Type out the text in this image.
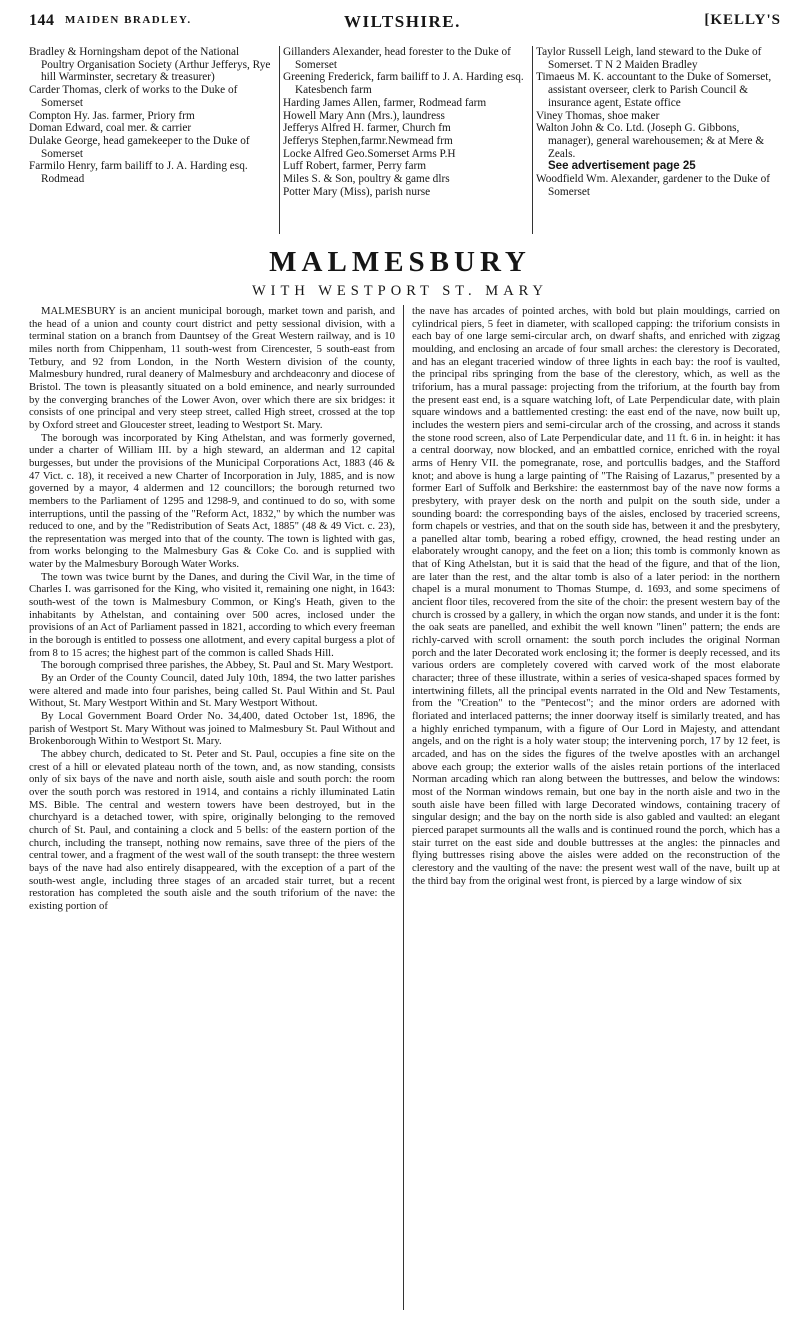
144 MAIDEN BRADLEY.	WILTSHIRE.	[KELLY'S
Bradley & Horningsham depot of the National Poultry Organisation Society (Arthur Jefferys, Rye hill Warminster, secretary & treasurer)
Carder Thomas, clerk of works to the Duke of Somerset
Compton Hy. Jas. farmer, Priory frm
Doman Edward, coal mer. & carrier
Dulake George, head gamekeeper to the Duke of Somerset
Farmilo Henry, farm bailiff to J. A. Harding esq. Rodmead
Gillanders Alexander, head forester to the Duke of Somerset
Greening Frederick, farm bailiff to J. A. Harding esq. Katesbench farm
Harding James Allen, farmer, Rodmead farm
Howell Mary Ann (Mrs.), laundress
Jefferys Alfred H. farmer, Church fm
Jefferys Stephen,farmr.Newmead frm
Locke Alfred Geo.Somerset Arms P.H
Luff Robert, farmer, Perry farm
Miles S. & Son, poultry & game dlrs
Potter Mary (Miss), parish nurse
Taylor Russell Leigh, land steward to the Duke of Somerset. T N 2 Maiden Bradley
Timaeus M. K. accountant to the Duke of Somerset, assistant overseer, clerk to Parish Council & insurance agent, Estate office
Viney Thomas, shoe maker
Walton John & Co. Ltd. (Joseph G. Gibbons, manager), general warehousemen; & at Mere & Zeals.
See advertisement page 25
Woodfield Wm. Alexander, gardener to the Duke of Somerset
MALMESBURY
WITH WESTPORT ST. MARY

MALMESBURY is an ancient municipal borough, market town and parish, and the head of a union and county court district and petty sessional division, with a terminal station on a branch from Dauntsey of the Great Western railway, and is 10 miles north from Chippenham, 11 south-west from Cirencester, 5 south-east from Tetbury, and 92 from London, in the North Western division of the county, Malmesbury hundred, rural deanery of Malmesbury and archdeaconry and diocese of Bristol. The town is pleasantly situated on a bold eminence, and nearly surrounded by the converging branches of the Lower Avon, over which there are six bridges: it consists of one principal and very steep street, called High street, crossed at the top by Oxford street and Gloucester street, leading to Westport St. Mary.

The borough was incorporated by King Athelstan, and was formerly governed, under a charter of William III. by a high steward, an alderman and 12 capital burgesses, but under the provisions of the Municipal Corporations Act, 1883 (46 & 47 Vict. c. 18), it received a new Charter of Incorporation in July, 1885, and is now governed by a mayor, 4 aldermen and 12 councillors; the borough returned two members to the Parliament of 1295 and 1298-9, and continued to do so, with some interruptions, until the passing of the "Reform Act, 1832," by which the number was reduced to one, and by the "Redistribution of Seats Act, 1885" (48 & 49 Vict. c. 23), the representation was merged into that of the county. The town is lighted with gas, from works belonging to the Malmesbury Gas & Coke Co. and is supplied with water by the Malmesbury Borough Water Works.

The town was twice burnt by the Danes, and during the Civil War, in the time of Charles I. was garrisoned for the King, who visited it, remaining one night, in 1643: south-west of the town is Malmesbury Common, or King's Heath, given to the inhabitants by Athelstan, and containing over 500 acres, inclosed under the provisions of an Act of Parliament passed in 1821, according to which every freeman in the borough is entitled to possess one allotment, and every capital burgess a plot of from 8 to 15 acres; the highest part of the common is called Shads Hill.

The borough comprised three parishes, the Abbey, St. Paul and St. Mary Westport.

By an Order of the County Council, dated July 10th, 1894, the two latter parishes were altered and made into four parishes, being called St. Paul Within and St. Paul Without, St. Mary Westport Within and St. Mary Westport Without.

By Local Government Board Order No. 34,400, dated October 1st, 1896, the parish of Westport St. Mary Without was joined to Malmesbury St. Paul Without and Brokenborough Within to Westport St. Mary.

The abbey church, dedicated to St. Peter and St. Paul, occupies a fine site on the crest of a hill or elevated plateau north of the town, and, as now standing, consists only of six bays of the nave and north aisle, south aisle and south porch: the room over the south porch was restored in 1914, and contains a richly illuminated Latin MS. Bible. The central and western towers have been destroyed, but in the churchyard is a detached tower, with spire, originally belonging to the removed church of St. Paul, and containing a clock and 5 bells: of the eastern portion of the church, including the transept, nothing now remains, save three of the piers of the central tower, and a fragment of the west wall of the south transept: the three western bays of the nave had also entirely disappeared, with the exception of a part of the south-west angle, including three stages of an arcaded stair turret, but a recent restoration has completed the south aisle and the south triforium of the nave: the existing portion of

the nave has arcades of pointed arches, with bold but plain mouldings, carried on cylindrical piers, 5 feet in diameter, with scalloped capping: the triforium consists in each bay of one large semi-circular arch, on dwarf shafts, and enriched with zigzag moulding, and enclosing an arcade of four small arches: the clerestory is Decorated, and has an elegant traceried window of three lights in each bay: the roof is vaulted, the principal ribs springing from the base of the clerestory, which, as well as the triforium, has a mural passage: projecting from the triforium, at the fourth bay from the present east end, is a square watching loft, of Late Perpendicular date, with plain square windows and a battlemented cresting: the east end of the nave, now built up, includes the western piers and semi-circular arch of the crossing, and across it stands the stone rood screen, also of Late Perpendicular date, and 11 ft. 6 in. in height: it has a central doorway, now blocked, and an embattled cornice, enriched with the royal arms of Henry VII. the pomegranate, rose, and portcullis badges, and the Stafford knot; and above is hung a large painting of "The Raising of Lazarus," presented by a former Earl of Suffolk and Berkshire: the easternmost bay of the nave now forms a presbytery, with prayer desk on the north and pulpit on the south side, under a sounding board: the corresponding bays of the aisles, enclosed by traceried screens, form chapels or vestries, and that on the south side has, between it and the presbytery, a panelled altar tomb, bearing a robed effigy, crowned, the head resting under an elaborately wrought canopy, and the feet on a lion; this tomb is commonly known as that of King Athelstan, but it is said that the head of the figure, and that of the lion, are later than the rest, and the altar tomb is also of a later period: in the northern chapel is a mural monument to Thomas Stumpe, d. 1693, and some specimens of ancient floor tiles, recovered from the site of the choir: the present western bay of the church is crossed by a gallery, in which the organ now stands, and under it is the font: the oak seats are panelled, and exhibit the well known "linen" pattern; the ends are richly-carved with scroll ornament: the south porch includes the original Norman porch and the later Decorated work enclosing it; the former is deeply recessed, and its various orders are completely covered with carved work of the most elaborate character; three of these illustrate, within a series of vesica-shaped spaces formed by intertwining fillets, all the principal events narrated in the Old and New Testaments, from the "Creation" to the "Pentecost"; and the minor orders are adorned with floriated and interlaced patterns; the inner doorway itself is similarly treated, and has a highly enriched tympanum, with a figure of Our Lord in Majesty, and attendant angels, and on the right is a holy water stoup; the intervening porch, 17 by 12 feet, is arcaded, and has on the sides the figures of the twelve apostles with an archangel above each group; the exterior walls of the aisles retain portions of the interlaced Norman arcading which ran along between the buttresses, and below the windows: most of the Norman windows remain, but one bay in the north aisle and two in the south aisle have been filled with large Decorated windows, containing tracery of singular design; and the bay on the north side is also gabled and vaulted: an elegant pierced parapet surmounts all the walls and is continued round the porch, which has a stair turret on the east side and double buttresses at the angles: the pinnacles and flying buttresses rising above the aisles were added on the reconstruction of the clerestory and the vaulting of the nave: the present west wall of the nave, built up at the third bay from the original west front, is pierced by a large window of six
